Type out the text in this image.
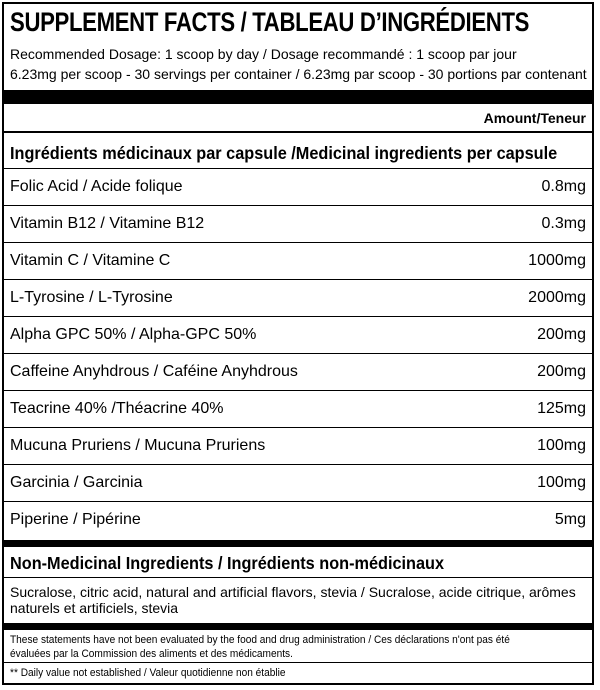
SUPPLEMENT FACTS / TABLEAU D’INGRÉDIENTS
Recommended Dosage: 1 scoop by day / Dosage recommandé : 1 scoop par jour
6.23mg per scoop - 30 servings per container / 6.23mg par scoop - 30 portions par contenant
Amount/Teneur
Ingrédients médicinaux par capsule /Medicinal ingredients per capsule
Folic Acid / Acide folique	0.8mg
Vitamin B12 / Vitamine B12	0.3mg
Vitamin C / Vitamine C	1000mg
L-Tyrosine / L-Tyrosine	2000mg
Alpha GPC 50% / Alpha-GPC 50%	200mg
Caffeine Anyhdrous / Caféine Anyhdrous	200mg
Teacrine 40% /Théacrine 40%	125mg
Mucuna Pruriens / Mucuna Pruriens	100mg
Garcinia / Garcinia	100mg
Piperine / Pipérine	5mg
Non-Medicinal Ingredients / Ingrédients non-médicinaux
Sucralose, citric acid, natural and artificial flavors, stevia / Sucralose, acide citrique, arômes naturels et artificiels, stevia
These statements have not been evaluated by the food and drug administration / Ces déclarations n'ont pas été évaluées par la Commission des aliments et des médicaments.
** Daily value not established / Valeur quotidienne non établie
